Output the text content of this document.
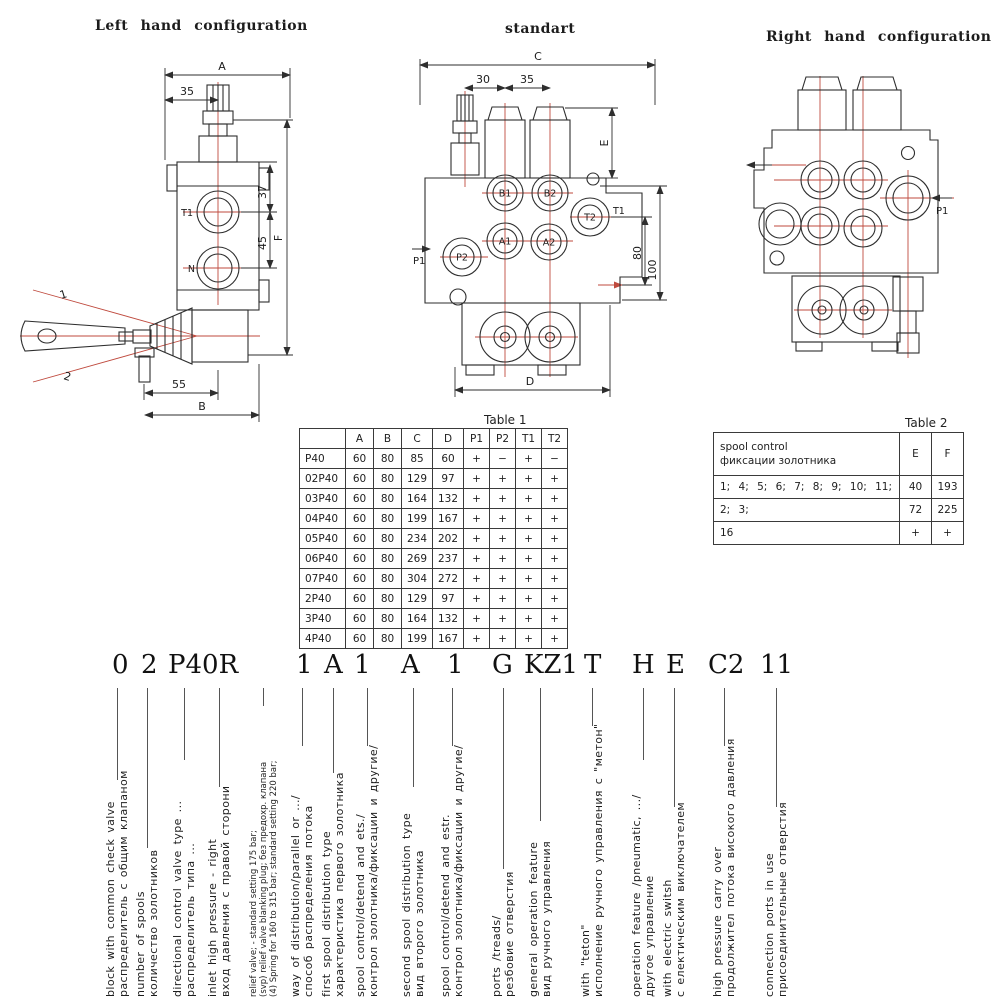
Left hand configuration	standart	Right hand configuration
A
35
37
45 F
55
B
T1
N
1
2
C
30	35
E
80
100
D
B1	B2
T2
T1
A1	A2
P2
P1
P1
Table 1
	A	B	C	D	P1	P2	T1	T2
P40	60	80	85	60	+	−	+	−
02P40	60	80	129	97	+	+	+	+
03P40	60	80	164	132	+	+	+	+
04P40	60	80	199	167	+	+	+	+
05P40	60	80	234	202	+	+	+	+
06P40	60	80	269	237	+	+	+	+
07P40	60	80	304	272	+	+	+	+
2P40	60	80	129	97	+	+	+	+
3P40	60	80	164	132	+	+	+	+
4P40	60	80	199	167	+	+	+	+
Table 2
spool control
фиксации золотника	E	F
1; 4; 5; 6; 7; 8; 9; 10; 11;	40	193
2; 3;	72	225
16	+	+
0 2 P40R 1 A 1 A 1 G KZ1 T H E C2 11
block with common check valve распределитель с общим клапаном number of spools количество золотников directional control valve type ... распределитель типа ... inlet high pressure - right вход давления с правой сторони relief valve; - standard setting 175 bar; (svp) relief valve blanking plug; без предохр. клапана (4) Spring for 160 to 315 bar; standard setting 220 bar; way of distribution/parallel or .../ способ распределения потока first spool distribution type характеристика первого золотника spool control/detend and ets./ контрол золотника/фиксации и другие/ second spool distribution type вид второго золотника spool control/detend and estr. контрол золотника/фиксации и другие/ ports /treads/ резбовие отверстия general operation feature вид ручного управления with "teton" исполнение ручного управления с "метон" operation feature /pneumatic, .../ другое управление with electric switsh с електическим виключателем high pressure carry over продолжител потока високого давления connection ports in use присоединительные отверстия
